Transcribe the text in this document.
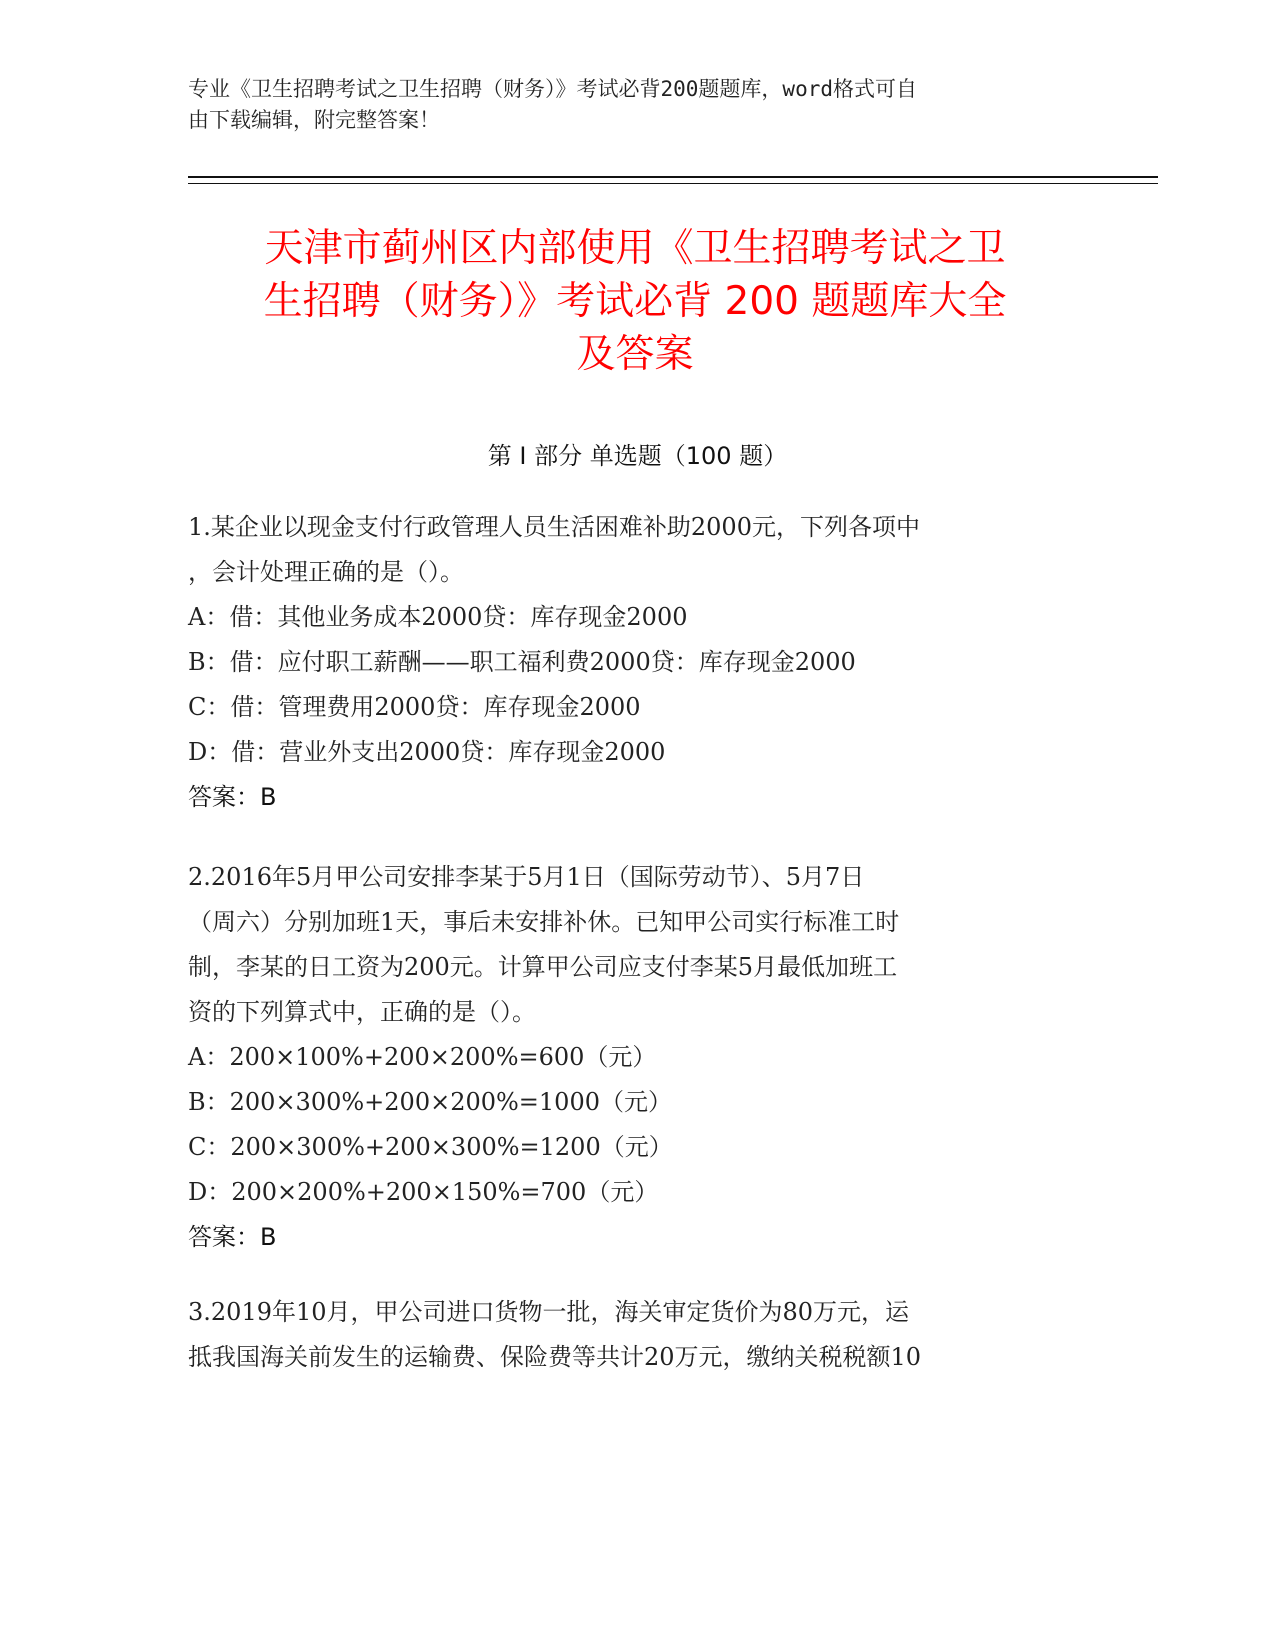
专业《卫生招聘考试之卫生招聘（财务）》考试必背200题题库，word格式可自
由下载编辑，附完整答案！
天津市蓟州区内部使用《卫生招聘考试之卫
生招聘（财务）》考试必背 200 题题库大全
及答案
第 I 部分 单选题（100 题）
1.某企业以现金支付行政管理人员生活困难补助2000元，下列各项中
，会计处理正确的是（）。
A：借：其他业务成本2000贷：库存现金2000
B：借：应付职工薪酬——职工福利费2000贷：库存现金2000
C：借：管理费用2000贷：库存现金2000
D：借：营业外支出2000贷：库存现金2000
答案：B
2.2016年5月甲公司安排李某于5月1日（国际劳动节）、5月7日
（周六）分别加班1天，事后未安排补休。已知甲公司实行标准工时
制，李某的日工资为200元。计算甲公司应支付李某5月最低加班工
资的下列算式中，正确的是（）。
A：200×100%+200×200%=600（元）
B：200×300%+200×200%=1000（元）
C：200×300%+200×300%=1200（元）
D：200×200%+200×150%=700（元）
答案：B
3.2019年10月，甲公司进口货物一批，海关审定货价为80万元，运
抵我国海关前发生的运输费、保险费等共计20万元，缴纳关税税额10
